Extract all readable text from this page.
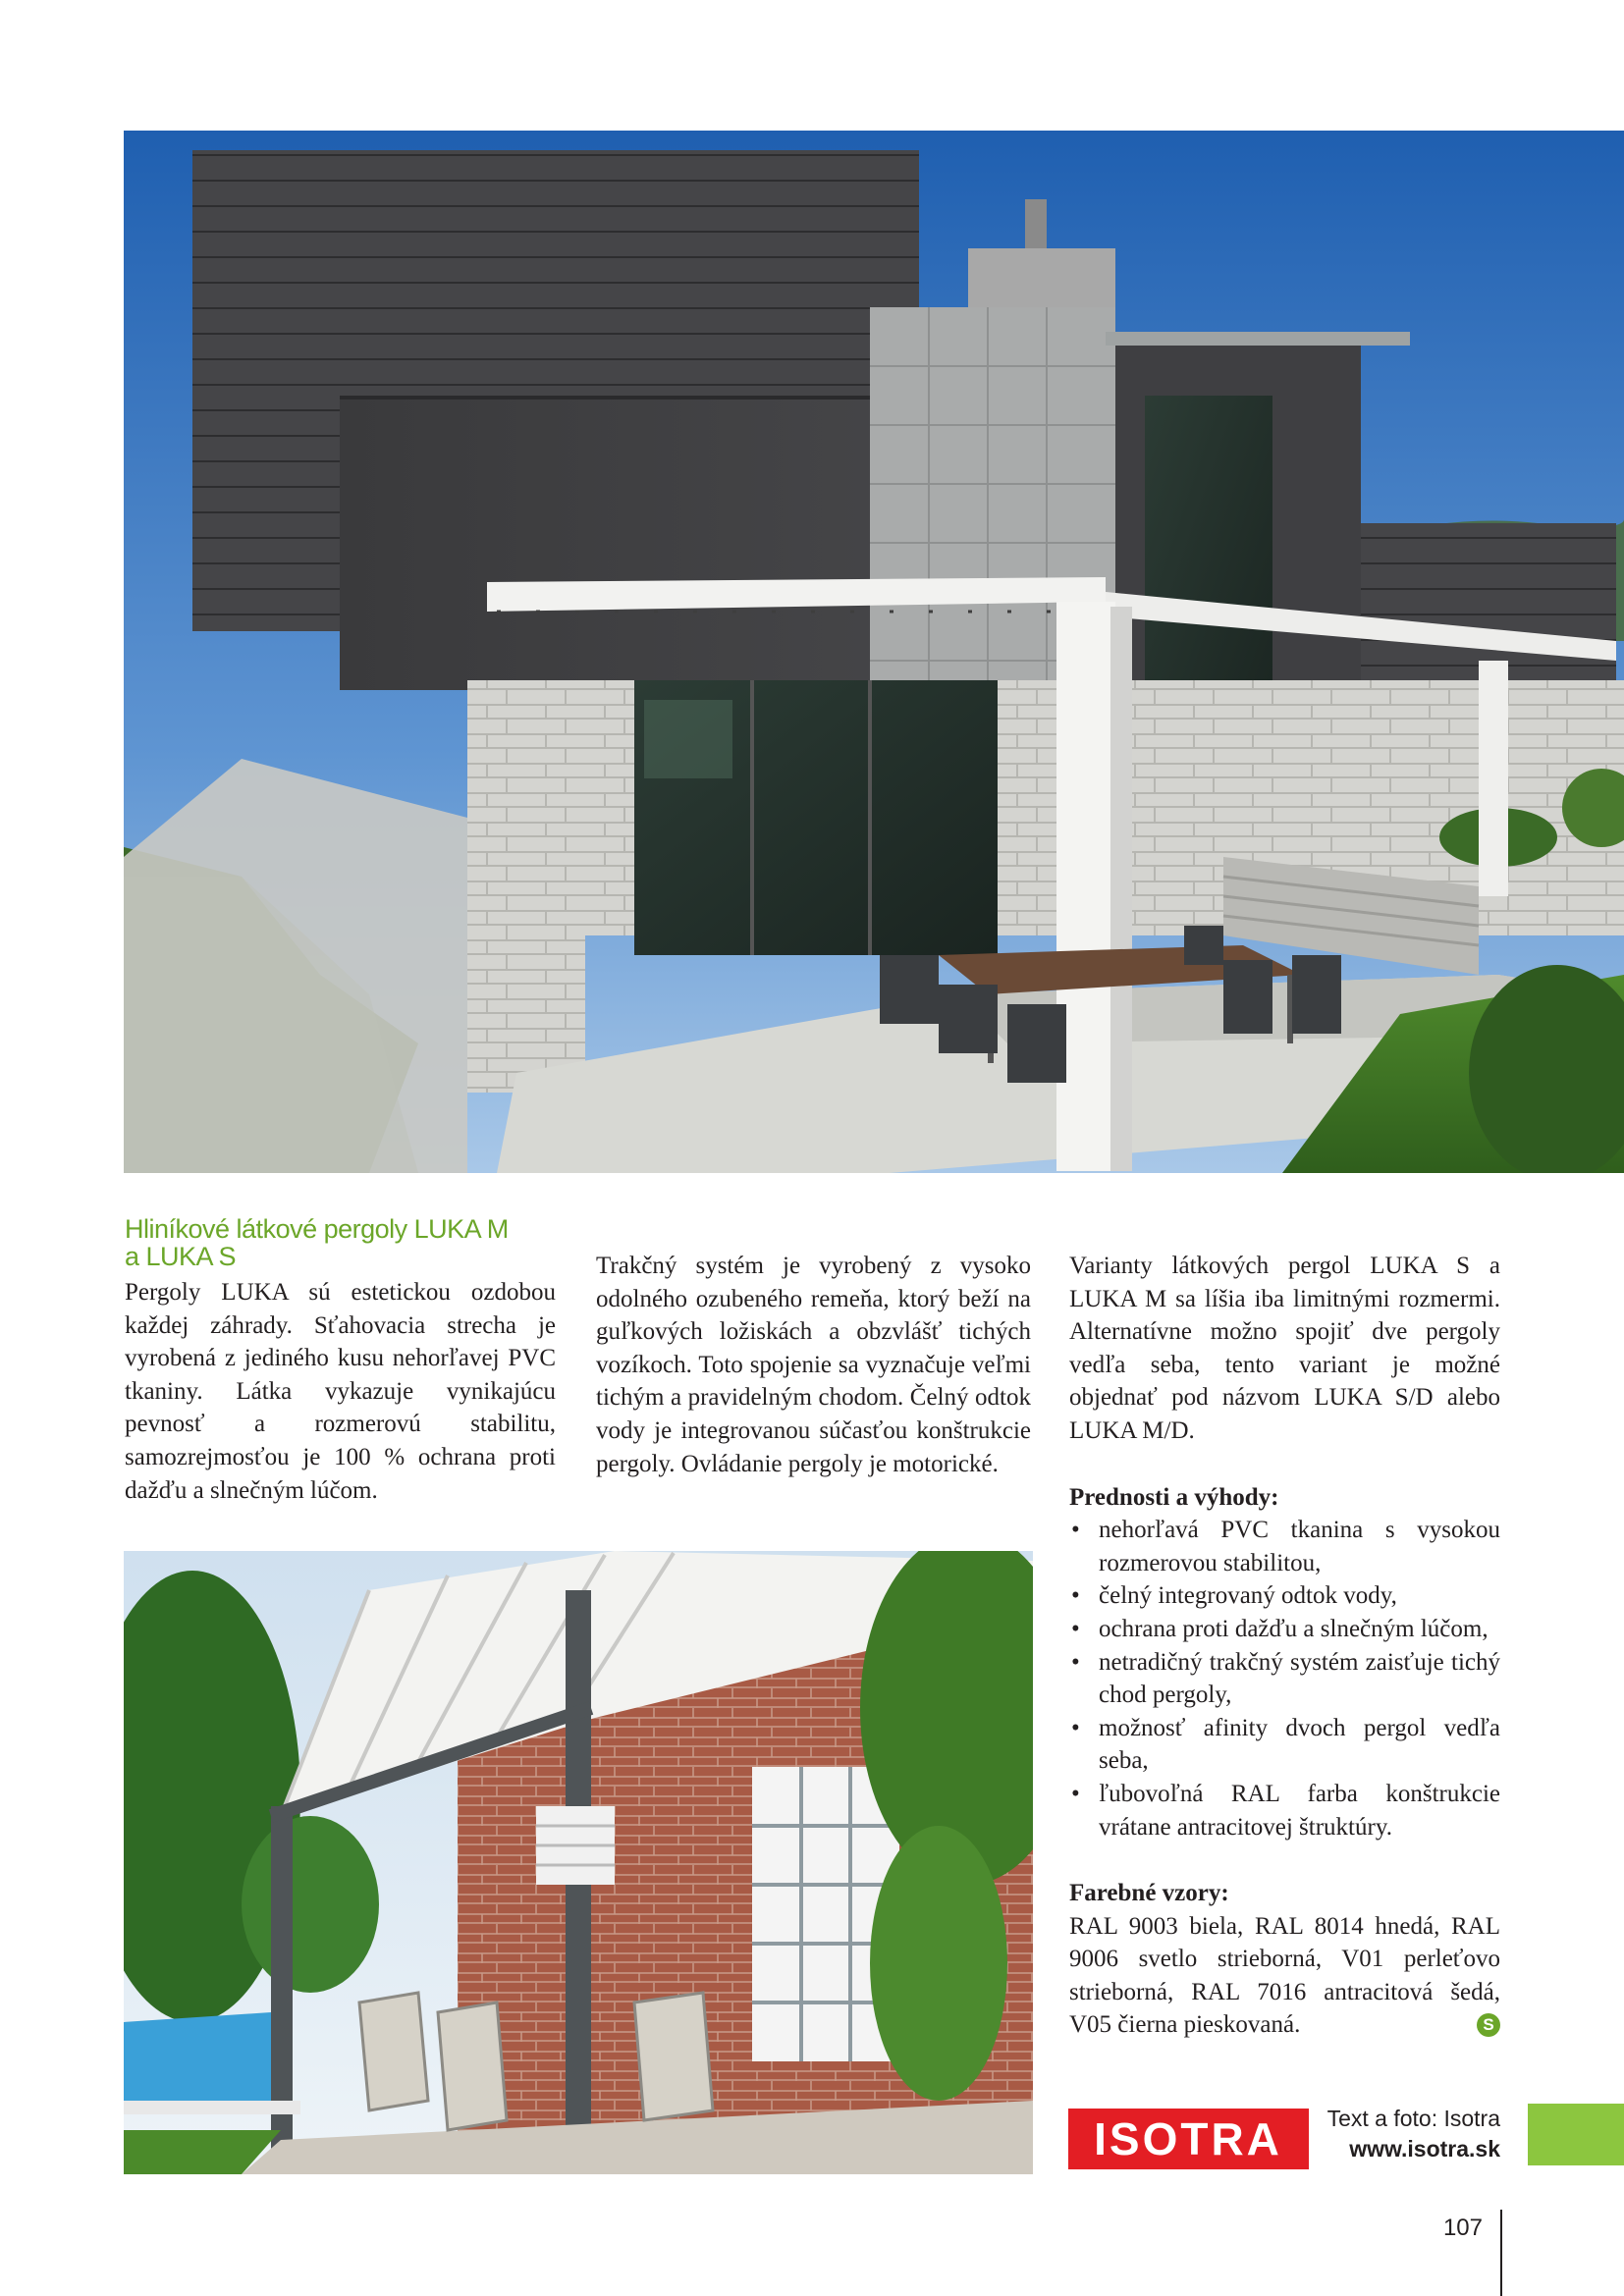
Hliníkové látkové pergoly LUKA M
a LUKA S

Pergoly LUKA sú estetickou ozdobou každej záhrady. Sťahovacia strecha je vyrobená z jediného kusu nehorľavej PVC tkaniny. Látka vykazuje vynikajúcu pevnosť a rozmerovú stabilitu, samozrejmosťou je 100 % ochrana proti dažďu a slnečným lúčom.

Trakčný systém je vyrobený z vysoko odolného ozubeného remeňa, ktorý beží na guľkových ložiskách a obzvlášť tichých vozíkoch. Toto spojenie sa vyznačuje veľmi tichým a pravidelným chodom. Čelný odtok vody je integrovanou súčasťou konštrukcie pergoly. Ovládanie pergoly je motorické.

Varianty látkových pergol LUKA S a LUKA M sa líšia iba limitnými rozmermi. Alternatívne možno spojiť dve pergoly vedľa seba, tento variant je možné objednať pod názvom LUKA S/D alebo LUKA M/D.

Prednosti a výhody:

• nehorľavá PVC tkanina s vysokou rozmerovou stabilitou,
• čelný integrovaný odtok vody,
• ochrana proti dažďu a slnečným lúčom,
• netradičný trakčný systém zaisťuje tichý chod pergoly,
• možnosť afinity dvoch pergol vedľa seba,
• ľubovoľná RAL farba konštrukcie vrátane antracitovej štruktúry.

Farebné vzory:

RAL 9003 biela, RAL 8014 hnedá, RAL 9006 svetlo strieborná, V01 perleťovo strieborná, RAL 7016 antracitová šedá, V05 čierna pieskovaná.	S

ISOTRA	Text a foto: Isotra
www.isotra.sk
107
